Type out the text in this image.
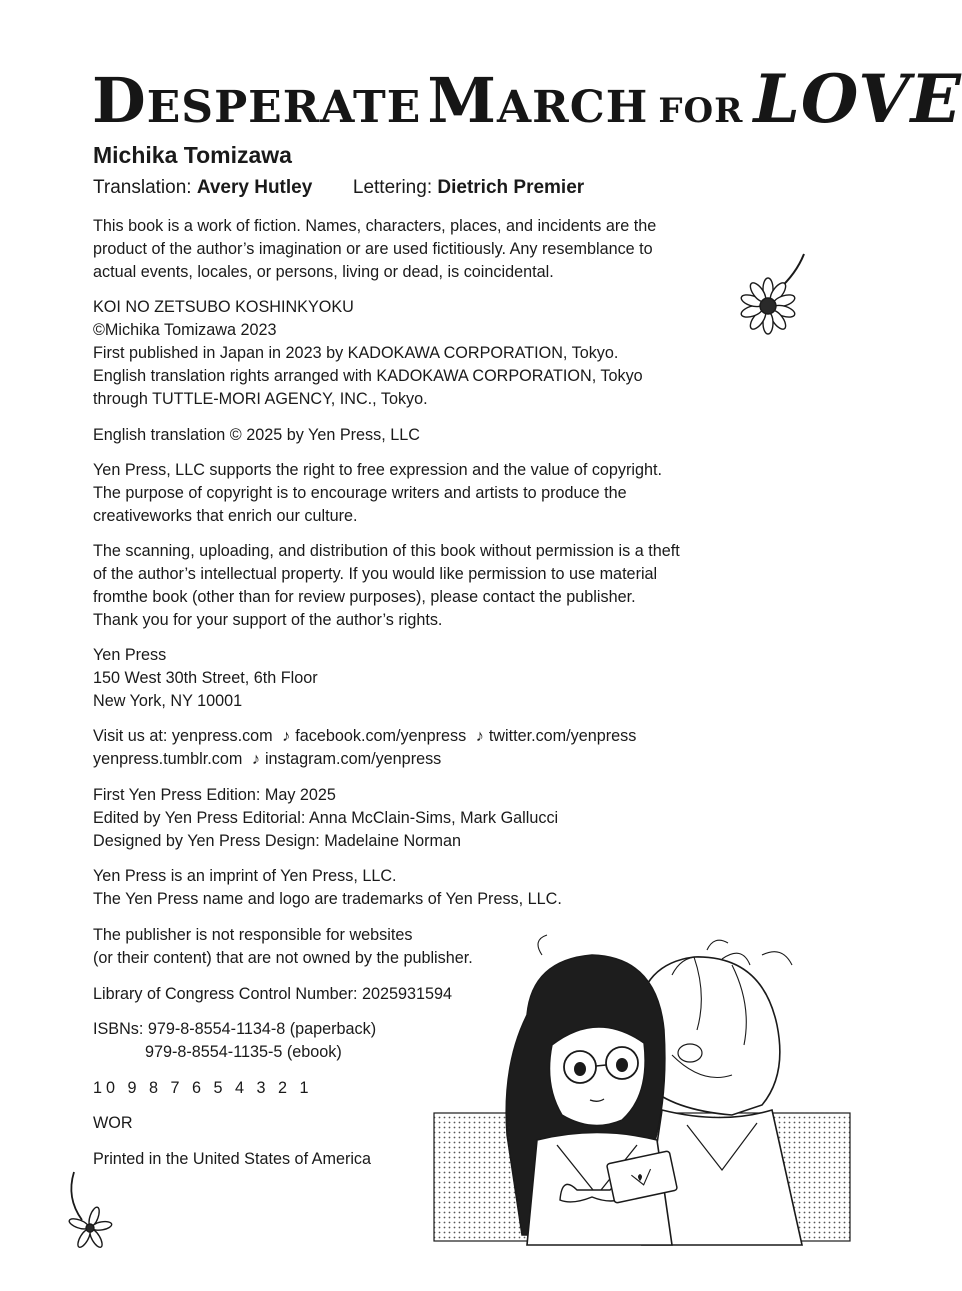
DESPERATE MARCH FOR LOVE
Michika Tomizawa
Translation: Avery Hutley Lettering: Dietrich Premier
This book is a work of fiction. Names, characters, places, and incidents are the
product of the author’s imagination or are used fictitiously. Any resemblance to
actual events, locales, or persons, living or dead, is coincidental.
KOI NO ZETSUBO KOSHINKYOKU
©Michika Tomizawa 2023
First published in Japan in 2023 by KADOKAWA CORPORATION, Tokyo.
English translation rights arranged with KADOKAWA CORPORATION, Tokyo
through TUTTLE-MORI AGENCY, INC., Tokyo.
English translation © 2025 by Yen Press, LLC
Yen Press, LLC supports the right to free expression and the value of copyright.
The purpose of copyright is to encourage writers and artists to produce the
creativeworks that enrich our culture.
The scanning, uploading, and distribution of this book without permission is a theft
of the author’s intellectual property. If you would like permission to use material
fromthe book (other than for review purposes), please contact the publisher.
Thank you for your support of the author’s rights.
Yen Press
150 West 30th Street, 6th Floor
New York, NY 10001
Visit us at: yenpress.com ♪ facebook.com/yenpress ♪ twitter.com/yenpress
yenpress.tumblr.com ♪ instagram.com/yenpress
First Yen Press Edition: May 2025
Edited by Yen Press Editorial: Anna McClain-Sims, Mark Gallucci
Designed by Yen Press Design: Madelaine Norman
Yen Press is an imprint of Yen Press, LLC.
The Yen Press name and logo are trademarks of Yen Press, LLC.
The publisher is not responsible for websites
(or their content) that are not owned by the publisher.
Library of Congress Control Number: 2025931594
ISBNs: 979-8-8554-1134-8 (paperback)
979-8-8554-1135-5 (ebook)
10 9 8 7 6 5 4 3 2 1
WOR
Printed in the United States of America
